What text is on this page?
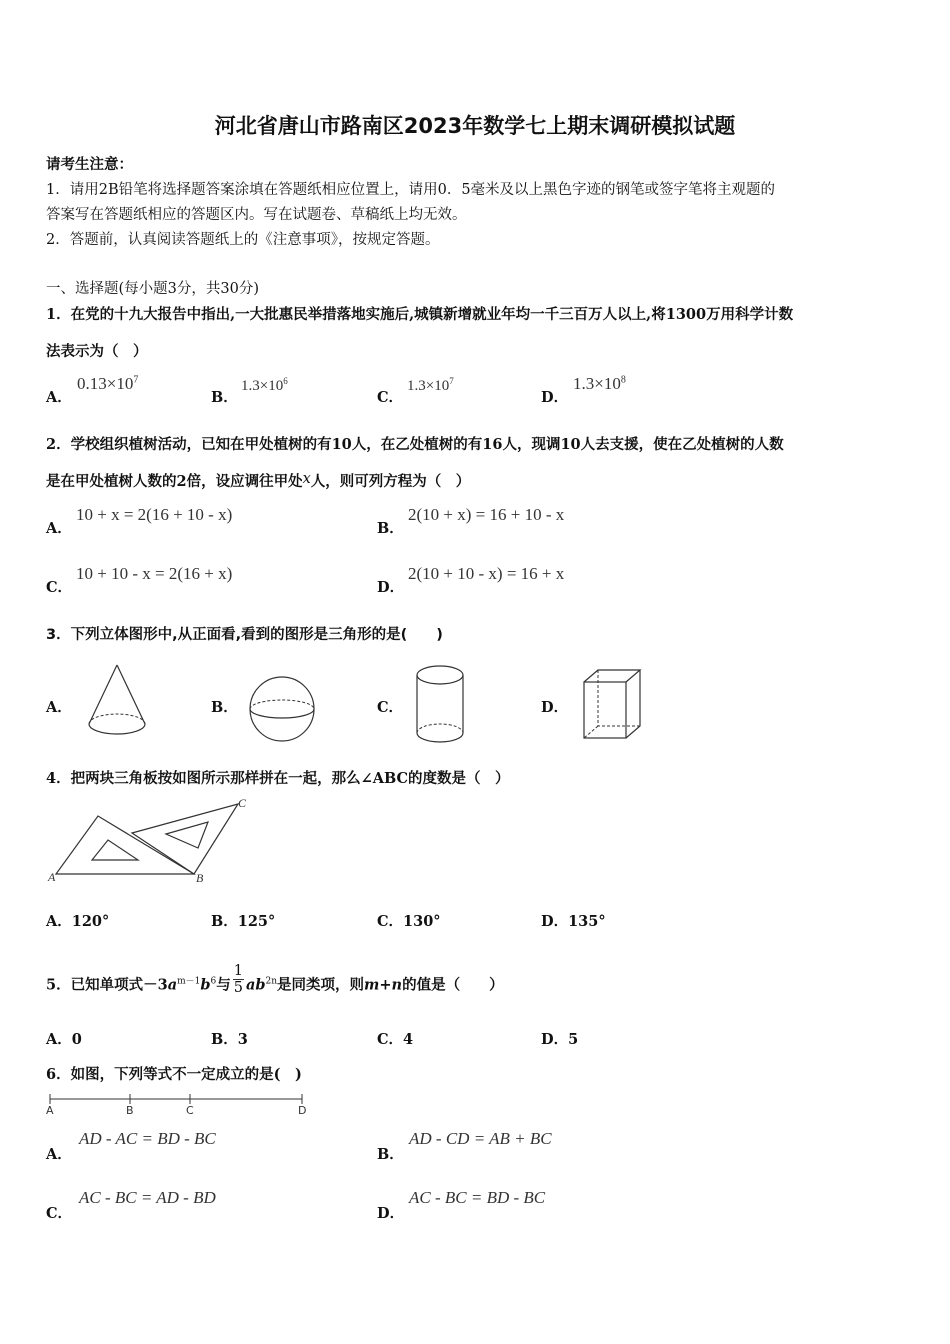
河北省唐山市路南区2023年数学七上期末调研模拟试题
请考生注意：
1．请用2B铅笔将选择题答案涂填在答题纸相应位置上，请用0．5毫米及以上黑色字迹的钢笔或签字笔将主观题的
答案写在答题纸相应的答题区内。写在试题卷、草稿纸上均无效。
2．答题前，认真阅读答题纸上的《注意事项》，按规定答题。
一、选择题(每小题3分，共30分)
1．在党的十九大报告中指出,一大批惠民举措落地实施后,城镇新增就业年均一千三百万人以上,将1300万用科学计数
法表示为（　）
A．
$0.13\times 10^7$
B．
$1.3\times 10^6$
C．
$1.3\times 10^7$
D．
$1.3\times 10^8$
2．学校组织植树活动，已知在甲处植树的有10人，在乙处植树的有16人，现调10人去支援，使在乙处植树的人数
是在甲处植树人数的2倍，设应调往甲处x人，则可列方程为（　）
A．
10 + x = 2(16 + 10 - x)
B．
2(10 + x) = 16 + 10 - x
C．
10 + 10 - x = 2(16 + x)
D．
2(10 + 10 - x) = 16 + x
3．下列立体图形中,从正面看,看到的图形是三角形的是(　　)
A．	B．	C．	D．
4．把两块三角板按如图所示那样拼在一起，那么∠ABC的度数是（　）
A	B
C
A．120°	B．125°	C．130°	D．135°
5．已知单项式$-3a^{m-1}b^6$与 $\frac{1}{5} ab^{2n}$是同类项，则m+n的值是（　　）
A．0	B．3	C．4	D．5
6．如图，下列等式不一定成立的是(　)
A	B	C	D
A．
AD - AC = BD - BC
B．
AD - CD = AB + BC
C．
AC - BC = AD - BD
D．
AC - BC = BD - BC
